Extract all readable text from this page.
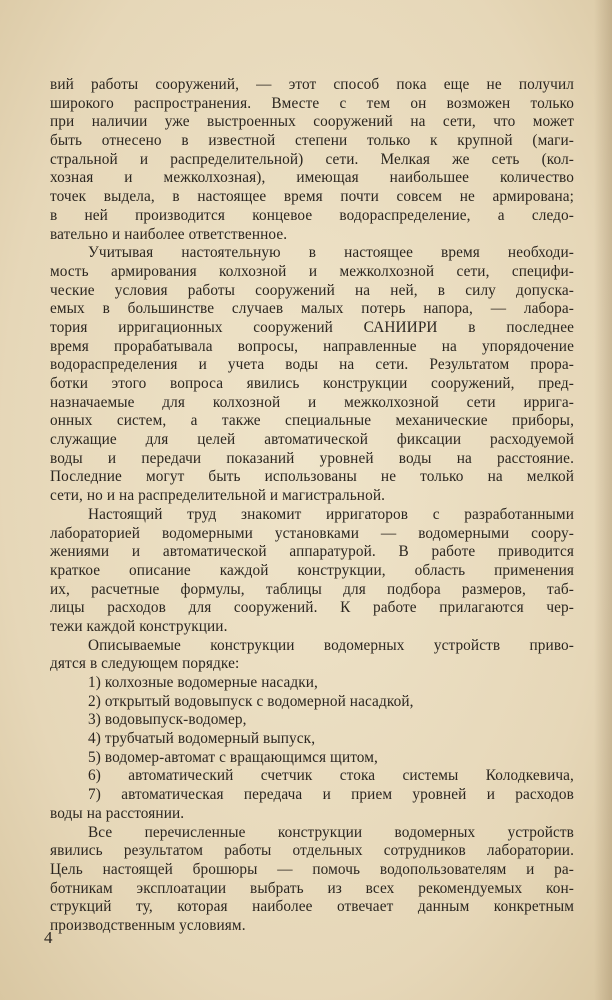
вий работы сооружений, — этот способ пока еще не получил
широкого распространения. Вместе с тем он возможен только
при наличии уже выстроенных сооружений на сети, что может
быть отнесено в известной степени только к крупной (маги-
стральной и распределительной) сети. Мелкая же сеть (кол-
хозная и межколхозная), имеющая наибольшее количество
точек выдела, в настоящее время почти совсем не армирована;
в ней производится концевое водораспределение, а следо-
вательно и наиболее ответственное.
Учитывая настоятельную в настоящее время необходи-
мость армирования колхозной и межколхозной сети, специфи-
ческие условия работы сооружений на ней, в силу допуска-
емых в большинстве случаев малых потерь напора, — лабора-
тория ирригационных сооружений САНИИРИ в последнее
время прорабатывала вопросы, направленные на упорядочение
водораспределения и учета воды на сети. Результатом прора-
ботки этого вопроса явились конструкции сооружений, пред-
назначаемые для колхозной и межколхозной сети иррига-
онных систем, а также специальные механические приборы,
служащие для целей автоматической фиксации расходуемой
воды и передачи показаний уровней воды на расстояние.
Последние могут быть использованы не только на мелкой
сети, но и на распределительной и магистральной.
Настоящий труд знакомит ирригаторов с разработанными
лабораторией водомерными установками — водомерными соору-
жениями и автоматической аппаратурой. В работе приводится
краткое описание каждой конструкции, область применения
их, расчетные формулы, таблицы для подбора размеров, таб-
лицы расходов для сооружений. К работе прилагаются чер-
тежи каждой конструкции.
Описываемые конструкции водомерных устройств приво-
дятся в следующем порядке:
1) колхозные водомерные насадки,
2) открытый водовыпуск с водомерной насадкой,
3) водовыпуск-водомер,
4) трубчатый водомерный выпуск,
5) водомер-автомат с вращающимся щитом,
6) автоматический счетчик стока системы Колодкевича,
7) автоматическая передача и прием уровней и расходов
воды на расстоянии.
Все перечисленные конструкции водомерных устройств
явились результатом работы отдельных сотрудников лаборатории.
Цель настоящей брошюры — помочь водопользователям и ра-
ботникам эксплоатации выбрать из всех рекомендуемых кон-
струкций ту, которая наиболее отвечает данным конкретным
производственным условиям.
4
